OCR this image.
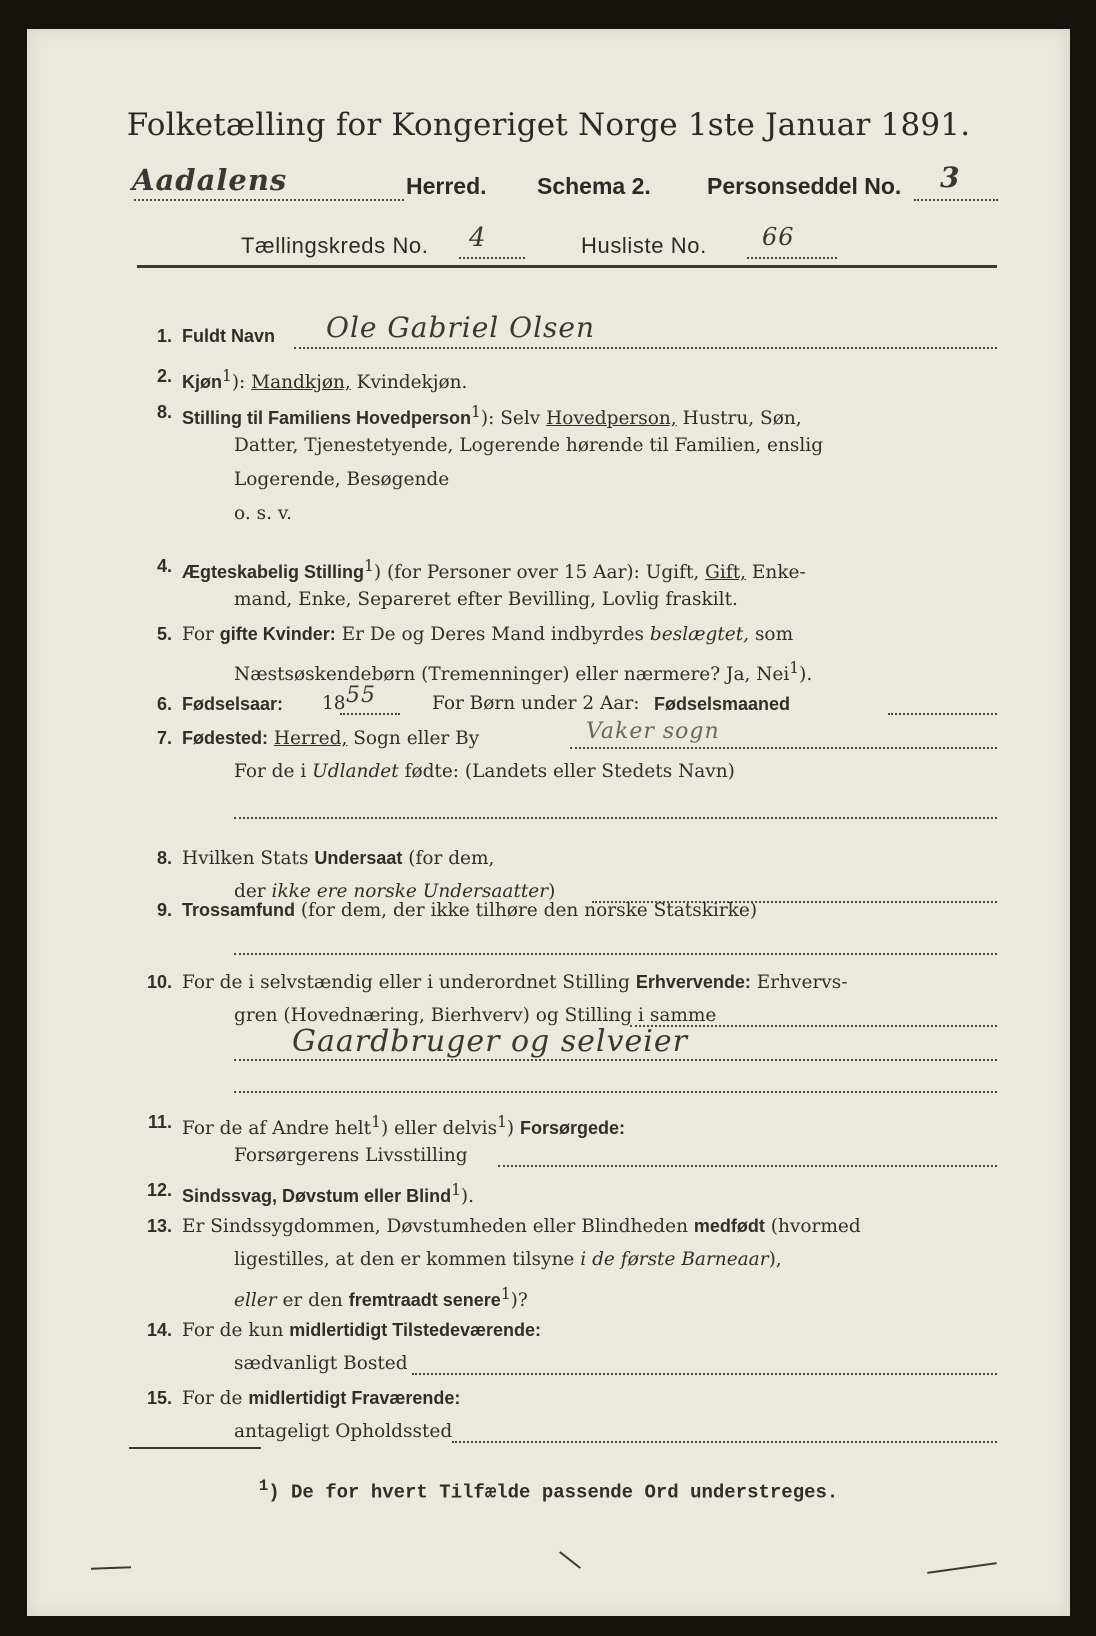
Folketælling for Kongeriget Norge 1ste Januar 1891.
Aadalens	Herred. Schema 2. Personseddel No. 3
Tællingskreds No. 4	Husliste No. 66
1. Fuldt Navn Ole Gabriel Olsen
2. Kjøn$^1$): Mandkjøn, Kvindekjøn.
8. Stilling til Familiens Hovedperson$^1$): Selv Hovedperson, Hustru, Søn,
Datter, Tjenestetyende, Logerende hørende til Familien, enslig
Logerende, Besøgende
o. s. v.
4. Ægteskabelig Stilling$^1$) (for Personer over 15 Aar): Ugift, Gift, Enke-
mand, Enke, Separeret efter Bevilling, Lovlig fraskilt.
5. For gifte Kvinder: Er De og Deres Mand indbyrdes beslægtet, som
Næstsøskendebørn (Tremenninger) eller nærmere? Ja, Nei$^1$).
6. Fødselsaar: 18 55	For Børn under 2 Aar: Fødselsmaaned
7. Fødested: Herred, Sogn eller By	Vaker sogn
For de i Udlandet fødte: (Landets eller Stedets Navn)
8. Hvilken Stats Undersaat (for dem,
der ikke ere norske Undersaatter)
9. Trossamfund (for dem, der ikke tilhøre den norske Statskirke)
10. For de i selvstændig eller i underordnet Stilling Erhvervende: Erhvervs-
gren (Hovednæring, Bierhverv) og Stilling i samme
Gaardbruger og selveier
11. For de af Andre helt$^1$) eller delvis$^1$) Forsørgede:
Forsørgerens Livsstilling
12. Sindssvag, Døvstum eller Blind$^1$).
13. Er Sindssygdommen, Døvstumheden eller Blindheden medfødt (hvormed
ligestilles, at den er kommen tilsyne i de første Barneaar),
eller er den fremtraadt senere$^1$)?
14. For de kun midlertidigt Tilstedeværende:
sædvanligt Bosted
15. For de midlertidigt Fraværende:
antageligt Opholdssted
$^1$) De for hvert Tilfælde passende Ord understreges.
